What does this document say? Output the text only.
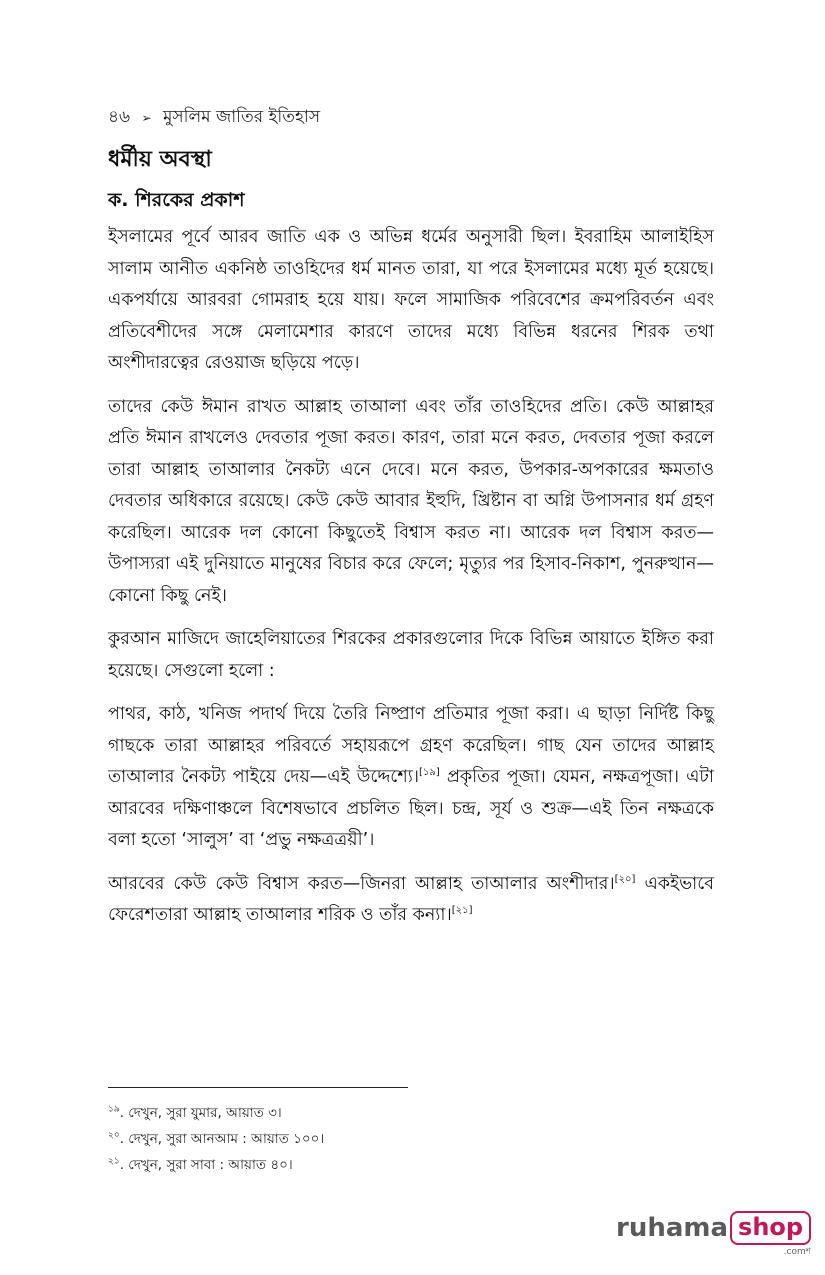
৪৬ ➢ মুসলিম জাতির ইতিহাস
ধর্মীয় অবস্থা
ক. শিরকের প্রকাশ

ইসলামের পূর্বে আরব জাতি এক ও অভিন্ন ধর্মের অনুসারী ছিল। ইবরাহিম আলাইহিস সালাম আনীত একনিষ্ঠ তাওহিদের ধর্ম মানত তারা, যা পরে ইসলামের মধ্যে মূর্ত হয়েছে। একপর্যায়ে আরবরা গোমরাহ হয়ে যায়। ফলে সামাজিক পরিবেশের ক্রমপরিবর্তন এবং প্রতিবেশীদের সঙ্গে মেলামেশার কারণে তাদের মধ্যে বিভিন্ন ধরনের শিরক তথা অংশীদারত্বের রেওয়াজ ছড়িয়ে পড়ে।

তাদের কেউ ঈমান রাখত আল্লাহ তাআলা এবং তাঁর তাওহিদের প্রতি। কেউ আল্লাহর প্রতি ঈমান রাখলেও দেবতার পূজা করত। কারণ, তারা মনে করত, দেবতার পূজা করলে তারা আল্লাহ তাআলার নৈকট্য এনে দেবে। মনে করত, উপকার-অপকারের ক্ষমতাও দেবতার অধিকারে রয়েছে। কেউ কেউ আবার ইহুদি, খ্রিষ্টান বা অগ্নি উপাসনার ধর্ম গ্রহণ করেছিল। আরেক দল কোনো কিছুতেই বিশ্বাস করত না। আরেক দল বিশ্বাস করত—উপাস্যরা এই দুনিয়াতে মানুষের বিচার করে ফেলে; মৃত্যুর পর হিসাব-নিকাশ, পুনরুত্থান—কোনো কিছু নেই।

কুরআন মাজিদে জাহেলিয়াতের শিরকের প্রকারগুলোর দিকে বিভিন্ন আয়াতে ইঙ্গিত করা হয়েছে। সেগুলো হলো :

পাথর, কাঠ, খনিজ পদার্থ দিয়ে তৈরি নিষ্প্রাণ প্রতিমার পূজা করা। এ ছাড়া নির্দিষ্ট কিছু গাছকে তারা আল্লাহর পরিবর্তে সহায়রূপে গ্রহণ করেছিল। গাছ যেন তাদের আল্লাহ তাআলার নৈকট্য পাইয়ে দেয়—এই উদ্দেশ্যে।[১৯] প্রকৃতির পূজা। যেমন, নক্ষত্রপূজা। এটা আরবের দক্ষিণাঞ্চলে বিশেষভাবে প্রচলিত ছিল। চন্দ্র, সূর্য ও শুক্র—এই তিন নক্ষত্রকে বলা হতো ‘সালুস’ বা ‘প্রভু নক্ষত্রত্রয়ী’।

আরবের কেউ কেউ বিশ্বাস করত—জিনরা আল্লাহ তাআলার অংশীদার।[২০] একইভাবে ফেরেশতারা আল্লাহ তাআলার শরিক ও তাঁর কন্যা।[২১]

$^{১৯}$. দেখুন, সুরা যুমার, আয়াত ৩।
$^{২০}$. দেখুন, সুরা আনআম : আয়াত ১০০।
$^{২১}$. দেখুন, সুরা সাবা : আয়াত ৪০।
ruhama shop
.comশ
